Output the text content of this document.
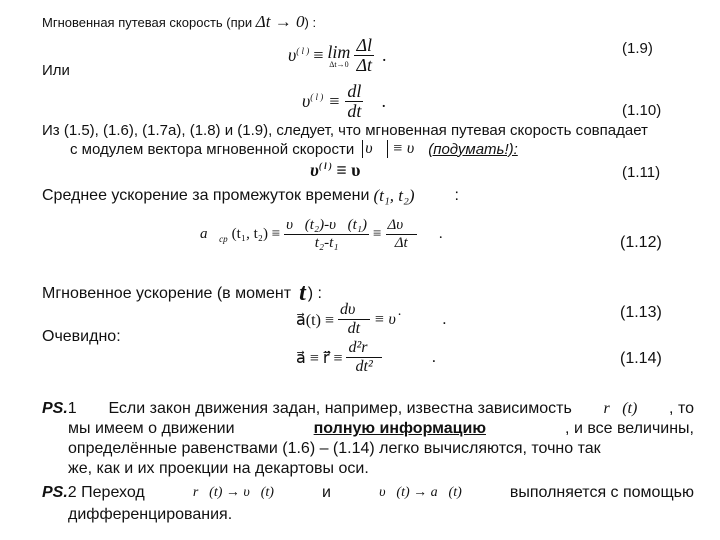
Мгновенная путевая скорость (при Δt → 0) :
$\upsilon^{( l )} \equiv \lim$
$\Delta t\to 0 \frac{\Delta l}{\Delta t}$ .	(1.9)
Или
$\upsilon^{( l )} \equiv \frac{dl}{dt}$ .	(1.10)
Из (1.5), (1.6), (1.7а), (1.8) и (1.9), следует, что мгновенная путевая скорость совпадает
с модулем вектора мгновенной скорости υ⃗ ≡ υ (подумать!):
$\upsilon^{( l )} \equiv \upsilon$	(1.11)
Среднее ускорение за промежуток времени (t₁, t₂)	:
$a⃗_{ср}$ (t₁, $t_2) \equiv \frac{\text{υ⃗(t₂)-υ⃗(t₁)}}{\text{t₂-t₁}} \equiv \frac{\Delta\upsilon⃗}{\Delta t}$ .	(1.12)
Мгновенное ускорение (в момент t ) :
a⃗(t) ≡ $\frac{d\upsilon⃗}{dt}$ ≡ υ̇⃗ .	(1.13)
Очевидно:
a⃗ ≡ r̈⃗ ≡ $\frac{\text{d²r⃗}}{\text{dt²}}$	.	(1.14)
PS.1 Если закон движения задан, например, известна зависимость r⃗(t) , то
мы имеем о движении	полную информацию	, и все величины,
определённые равенствами (1.6) – (1.14) легко вычисляются, точно так
же, как и их проекции на декартовы оси.
PS.2 Переход	r⃗(t) → υ⃗(t)	и	υ⃗(t) → a⃗(t)	выполняется с помощью
дифференцирования.
